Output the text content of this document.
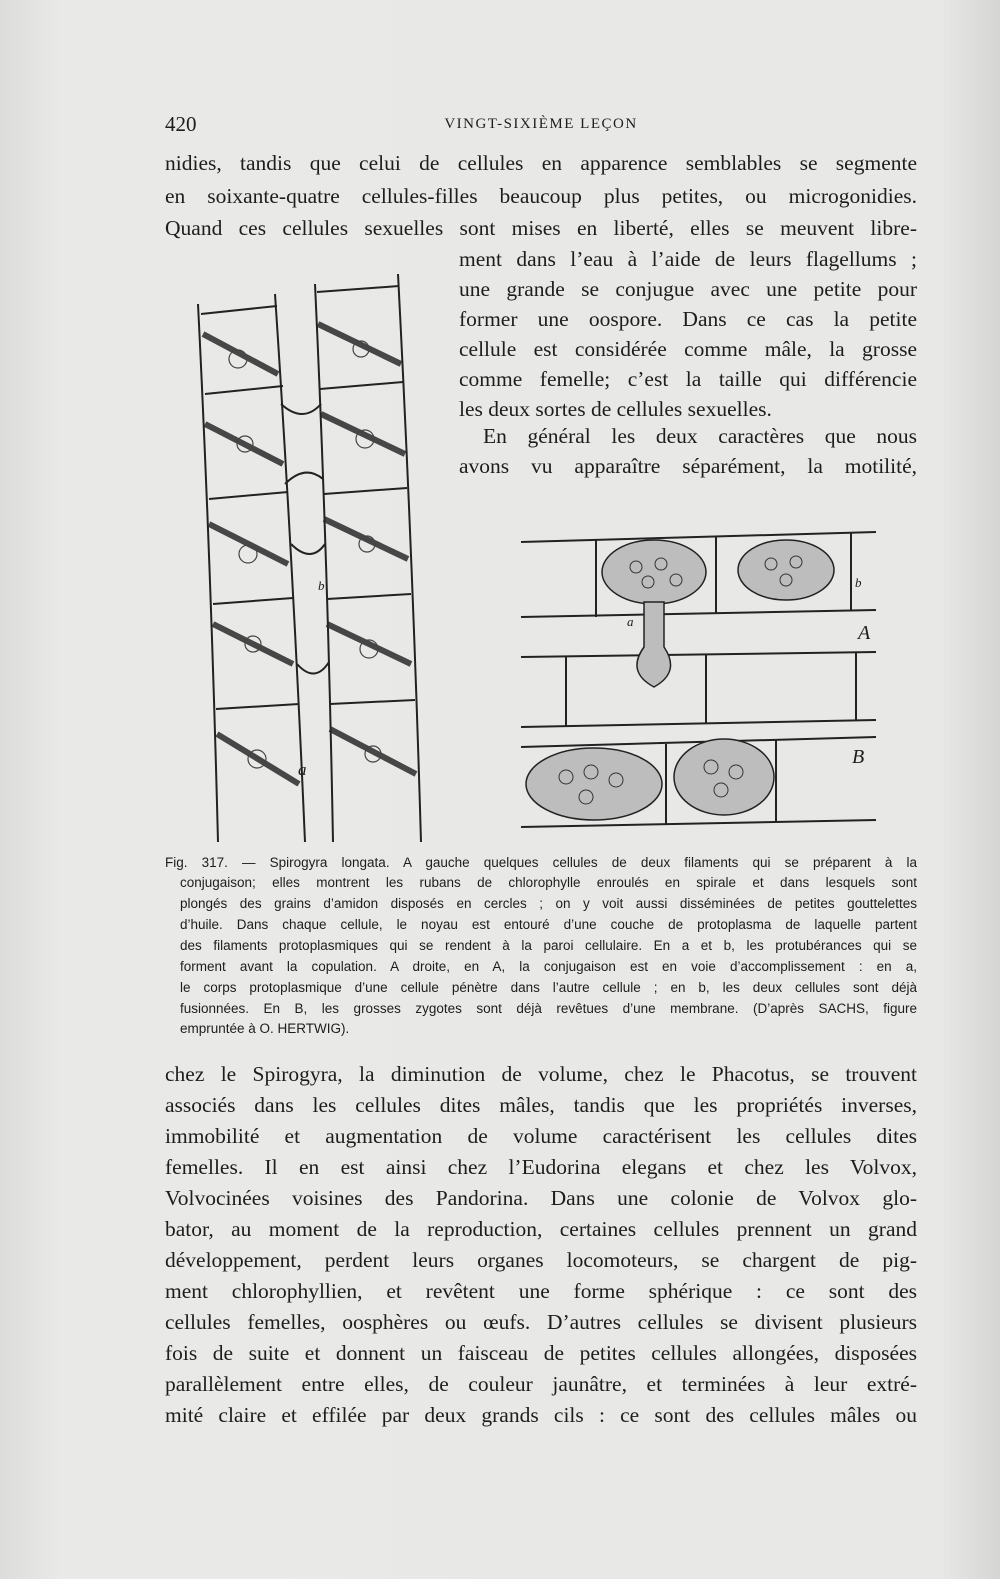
420	VINGT-SIXIÈME LEÇON
nidies, tandis que celui de cellules en apparence semblables se segmente
en soixante-quatre cellules-filles beaucoup plus petites, ou microgonidies.
Quand ces cellules sexuelles sont mises en liberté, elles se meuvent libre-
ment dans l’eau à l’aide de leurs flagellums ;
une grande se conjugue avec une petite pour
former une oospore. Dans ce cas la petite
cellule est considérée comme mâle, la grosse
comme femelle; c’est la taille qui différencie
les deux sortes de cellules sexuelles.
En général les deux caractères que nous
avons vu apparaître séparément, la motilité,
b
a
a
b
A
B
Fig. 317. — Spirogyra longata. A gauche quelques cellules de deux filaments qui se préparent à la
conjugaison; elles montrent les rubans de chlorophylle enroulés en spirale et dans lesquels sont
plongés des grains d’amidon disposés en cercles ; on y voit aussi disséminées de petites gouttelettes
d’huile. Dans chaque cellule, le noyau est entouré d’une couche de protoplasma de laquelle partent
des filaments protoplasmiques qui se rendent à la paroi cellulaire. En a et b, les protubérances qui se
forment avant la copulation. A droite, en A, la conjugaison est en voie d’accomplissement : en a,
le corps protoplasmique d’une cellule pénètre dans l’autre cellule ; en b, les deux cellules sont déjà
fusionnées. En B, les grosses zygotes sont déjà revêtues d’une membrane. (D’après SACHS, figure
empruntée à O. HERTWIG).
chez le Spirogyra, la diminution de volume, chez le Phacotus, se trouvent
associés dans les cellules dites mâles, tandis que les propriétés inverses,
immobilité et augmentation de volume caractérisent les cellules dites
femelles. Il en est ainsi chez l’Eudorina elegans et chez les Volvox,
Volvocinées voisines des Pandorina. Dans une colonie de Volvox glo-
bator, au moment de la reproduction, certaines cellules prennent un grand
développement, perdent leurs organes locomoteurs, se chargent de pig-
ment chlorophyllien, et revêtent une forme sphérique : ce sont des
cellules femelles, oosphères ou œufs. D’autres cellules se divisent plusieurs
fois de suite et donnent un faisceau de petites cellules allongées, disposées
parallèlement entre elles, de couleur jaunâtre, et terminées à leur extré-
mité claire et effilée par deux grands cils : ce sont des cellules mâles ou
